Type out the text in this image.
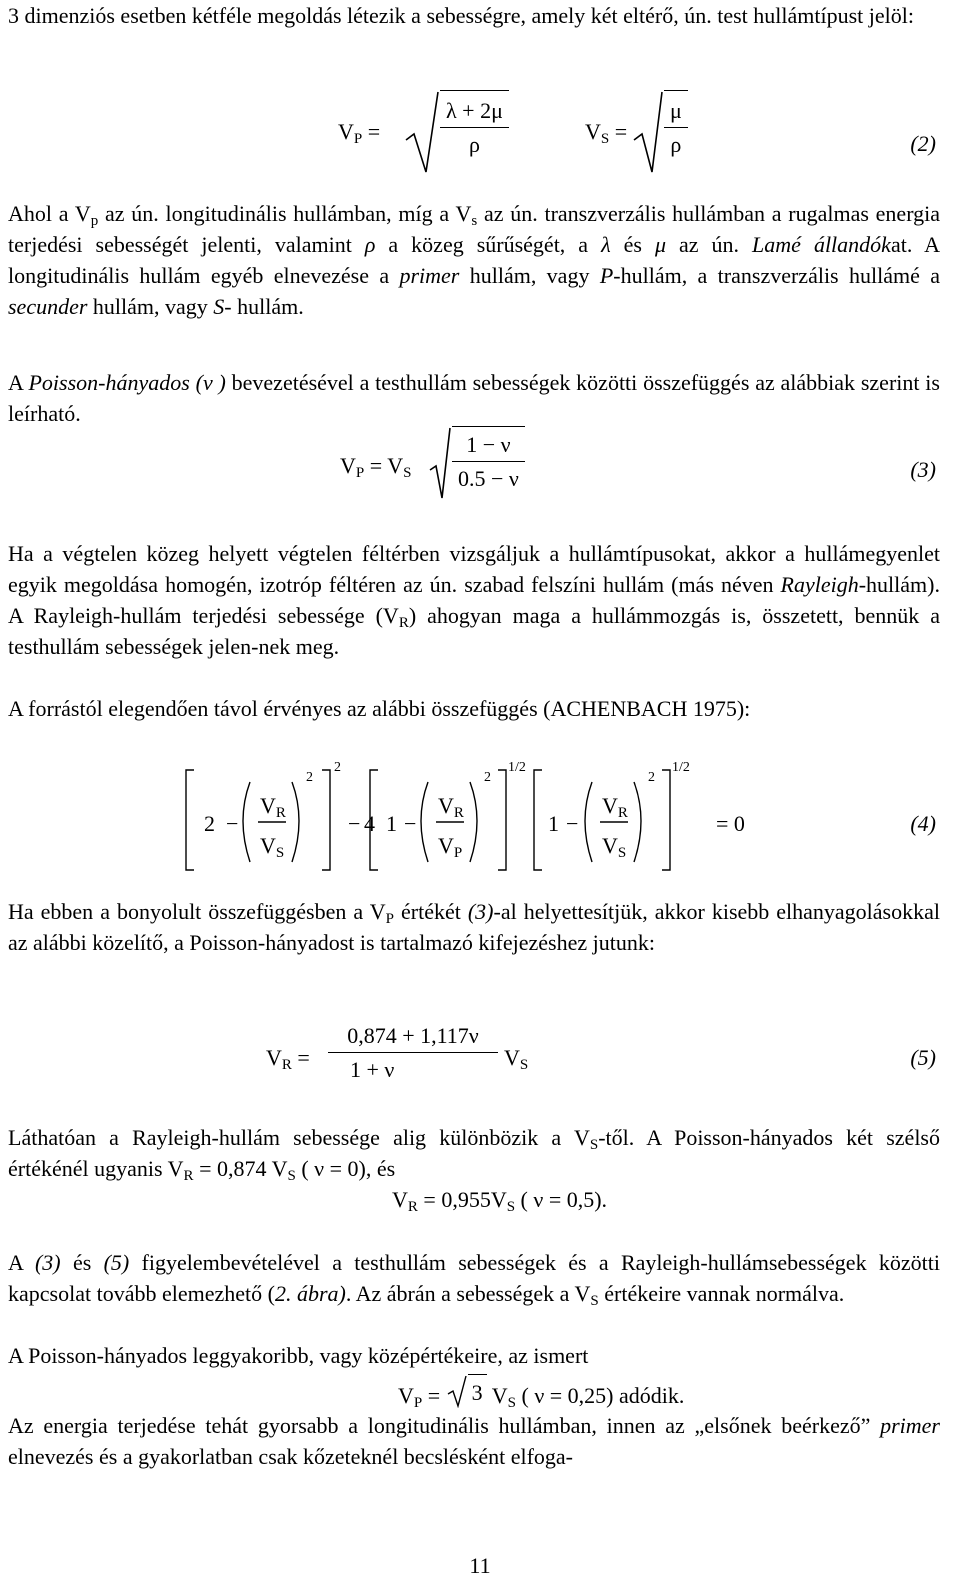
3 dimenziós esetben kétféle megoldás létezik a sebességre, amely két eltérő, ún. test hullámtípust jelöl:

$V_P$ =	$\frac{\lambda + 2\mu}{\rho}$	$V_S = \frac{\mu}{\rho}$	(2)

Ahol a $V_p$ az ún. longitudinális hullámban, míg a $V_s$ az ún. transzverzális hullámban a rugalmas energia terjedési sebességét jelenti, valamint ρ a közeg sűrűségét, a λ és μ az ún. Lamé állandókat. A longitudinális hullám egyéb elnevezése a primer hullám, vagy P-hullám, a transzverzális hullámé a secunder hullám, vagy S- hullám.

A Poisson-hányados (ν ) bevezetésével a testhullám sebességek közötti összefüggés az alábbiak szerint is leírható.

$V_P = V_S \frac{1 - \nu}{0.5 - \nu}$	(3)

Ha a végtelen közeg helyett végtelen féltérben vizsgáljuk a hullámtípusokat, akkor a hullámegyenlet egyik megoldása homogén, izotróp féltéren az ún. szabad felszíni hullám (más néven Rayleigh-hullám). A Rayleigh-hullám terjedési sebessége $(V_R)$ ahogyan maga a hullámmozgás is, összetett, bennük a testhullám sebességek jelen-nek meg.

A forrástól elegendően távol érvényes az alábbi összefüggés (ACHENBACH 1975):

2 −
$V_R$
$V_S$
2
2
− 4 1 −
$V_R$
$V_P$
2
1/2
1 −
$V_R$
$V_S$
2
1/2
= 0	(4)

Ha ebben a bonyolult összefüggésben a $V_P$ értékét (3)-al helyettesítjük, akkor kisebb elhanyagolásokkal az alábbi közelítő, a Poisson-hányadost is tartalmazó kifejezéshez jutunk:

$V_R$ =
0,874 + 1,117ν
1 + ν	$V_S$	(5)

Láthatóan a Rayleigh-hullám sebessége alig különbözik a $V_S$-től. A Poisson-hányados két szélső értékénél ugyanis $V_R = 0,874$ $V_S$ ( ν = 0), és

$V_R = 0,955V_S$ ( ν = 0,5).

A (3) és (5) figyelembevételével a testhullám sebességek és a Rayleigh-hullámsebességek közötti kapcsolat tovább elemezhető (2. ábra). Az ábrán a sebességek a $V_S$ értékeire vannak normálva.

A Poisson-hányados leggyakoribb, vagy középértékeire, az ismert

$V_P = 3$ $V_S$ ( ν = 0,25) adódik.

Az energia terjedése tehát gyorsabb a longitudinális hullámban, innen az „elsőnek beérkező” primer elnevezés és a gyakorlatban csak kőzeteknél becslésként elfoga-

11
